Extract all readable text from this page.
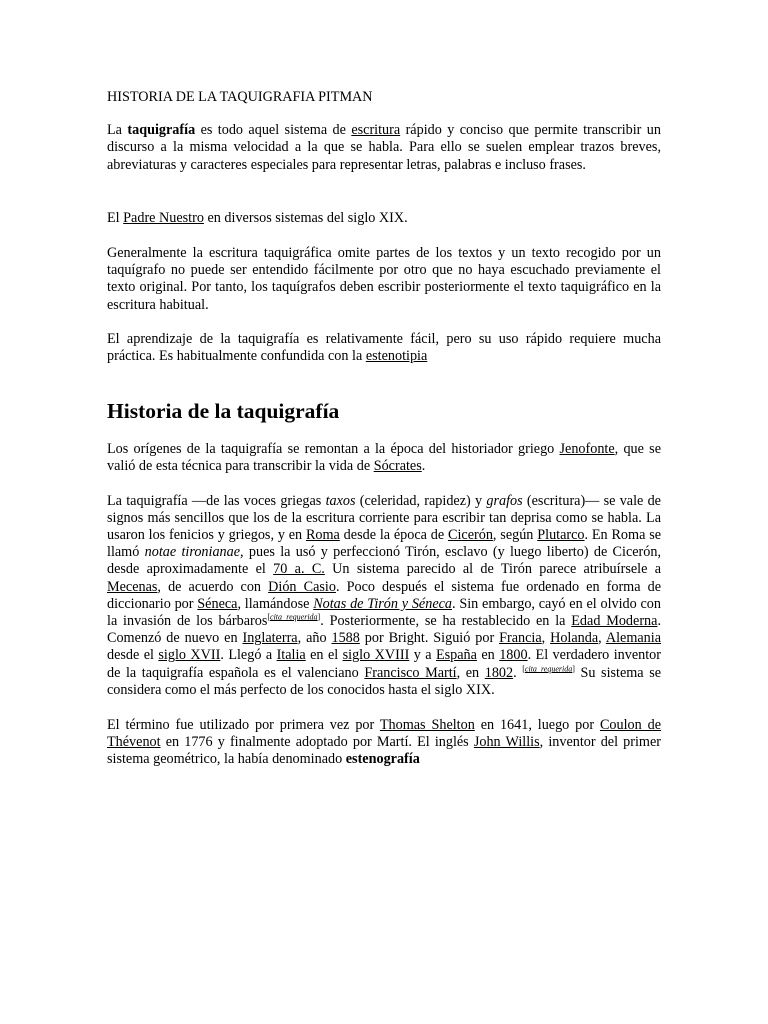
HISTORIA DE LA TAQUIGRAFIA PITMAN

La taquigrafía es todo aquel sistema de escritura rápido y conciso que permite transcribir un discurso a la misma velocidad a la que se habla. Para ello se suelen emplear trazos breves, abreviaturas y caracteres especiales para representar letras, palabras e incluso frases.

El Padre Nuestro en diversos sistemas del siglo XIX.

Generalmente la escritura taquigráfica omite partes de los textos y un texto recogido por un taquígrafo no puede ser entendido fácilmente por otro que no haya escuchado previamente el texto original. Por tanto, los taquígrafos deben escribir posteriormente el texto taquigráfico en la escritura habitual.

El aprendizaje de la taquigrafía es relativamente fácil, pero su uso rápido requiere mucha práctica. Es habitualmente confundida con la estenotipia

Historia de la taquigrafía

Los orígenes de la taquigrafía se remontan a la época del historiador griego Jenofonte, que se valió de esta técnica para transcribir la vida de Sócrates.

La taquigrafía —de las voces griegas taxos (celeridad, rapidez) y grafos (escritura)— se vale de signos más sencillos que los de la escritura corriente para escribir tan deprisa como se habla. La usaron los fenicios y griegos, y en Roma desde la época de Cicerón, según Plutarco. En Roma se llamó notae tironianae, pues la usó y perfeccionó Tirón, esclavo (y luego liberto) de Cicerón, desde aproximadamente el 70 a. C. Un sistema parecido al de Tirón parece atribuírsele a Mecenas, de acuerdo con Dión Casio. Poco después el sistema fue ordenado en forma de diccionario por Séneca, llamándose Notas de Tirón y Séneca. Sin embargo, cayó en el olvido con la invasión de los bárbaros[cita requerida]. Posteriormente, se ha restablecido en la Edad Moderna. Comenzó de nuevo en Inglaterra, año 1588 por Bright. Siguió por Francia, Holanda, Alemania desde el siglo XVII. Llegó a Italia en el siglo XVIII y a España en 1800. El verdadero inventor de la taquigrafía española es el valenciano Francisco Martí, en 1802. [cita requerida] Su sistema se considera como el más perfecto de los conocidos hasta el siglo XIX.

El término fue utilizado por primera vez por Thomas Shelton en 1641, luego por Coulon de Thévenot en 1776 y finalmente adoptado por Martí. El inglés John Willis, inventor del primer sistema geométrico, la había denominado estenografía
